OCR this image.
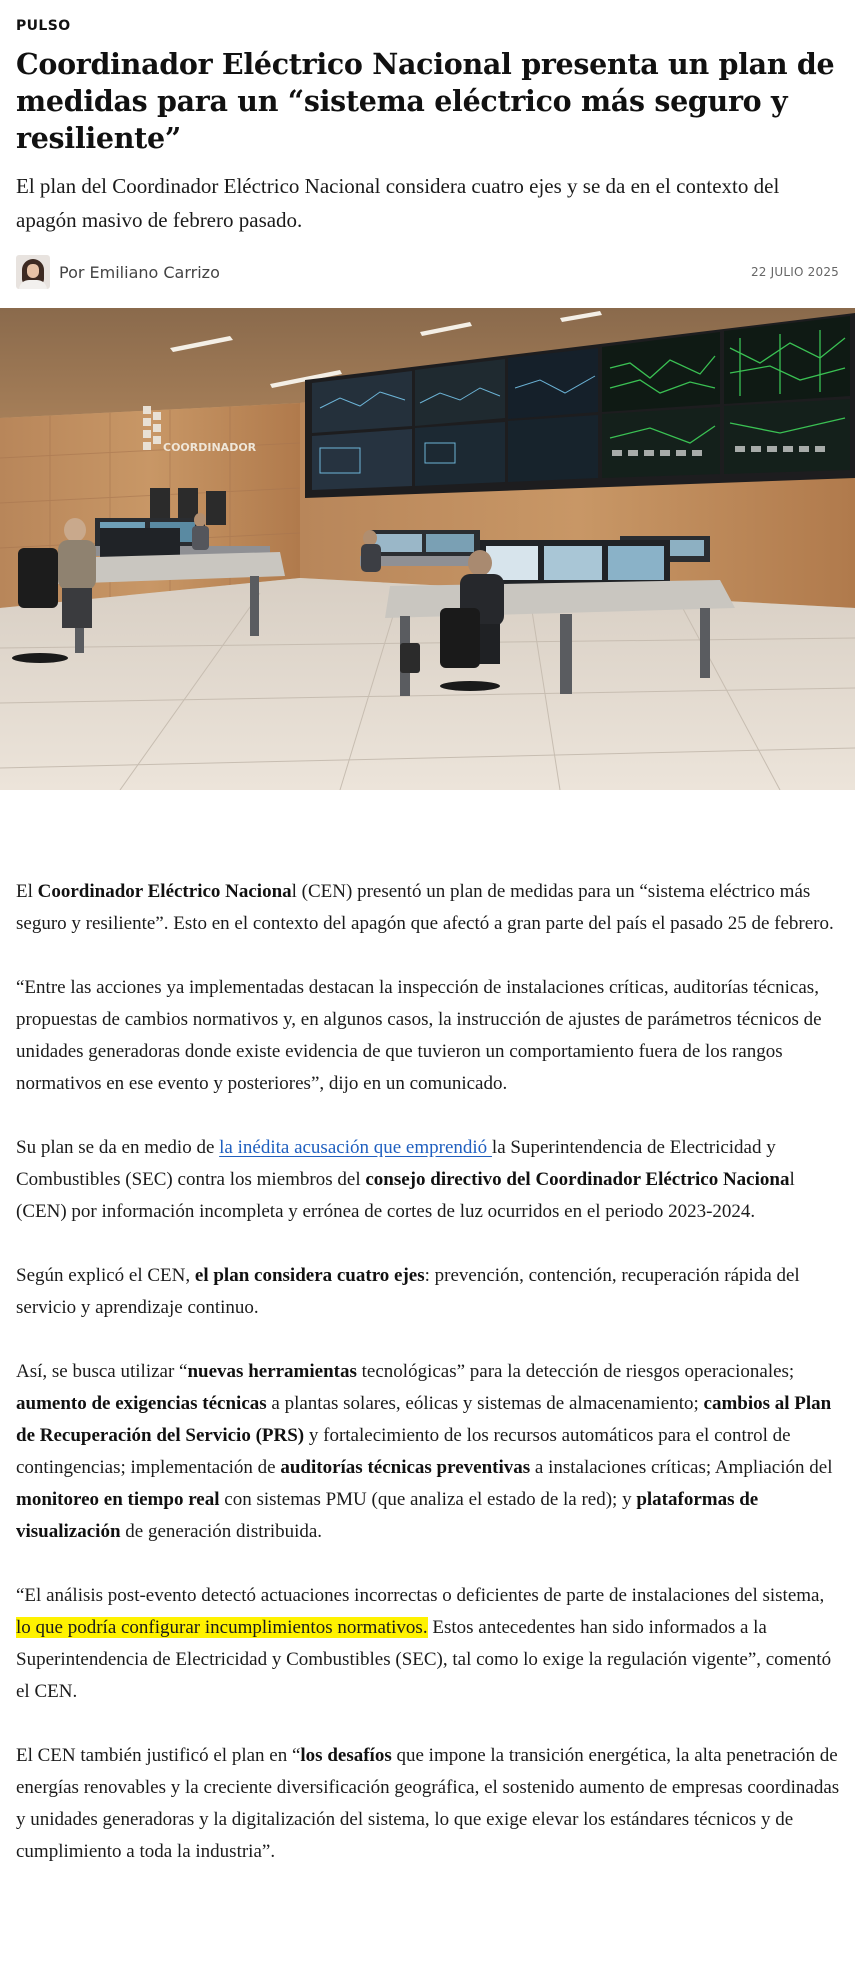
PULSO
Coordinador Eléctrico Nacional presenta un plan de medidas para un “sistema eléctrico más seguro y resiliente”

El plan del Coordinador Eléctrico Nacional considera cuatro ejes y se da en el contexto del apagón masivo de febrero pasado.

Por Emiliano Carrizo	22 JULIO 2025
COORDINADOR

El Coordinador Eléctrico Nacional (CEN) presentó un plan de medidas para un “sistema eléctrico más seguro y resiliente”. Esto en el contexto del apagón que afectó a gran parte del país el pasado 25 de febrero.

“Entre las acciones ya implementadas destacan la inspección de instalaciones críticas, auditorías técnicas, propuestas de cambios normativos y, en algunos casos, la instrucción de ajustes de parámetros técnicos de unidades generadoras donde existe evidencia de que tuvieron un comportamiento fuera de los rangos normativos en ese evento y posteriores”, dijo en un comunicado.

Su plan se da en medio de la inédita acusación que emprendió la Superintendencia de Electricidad y Combustibles (SEC) contra los miembros del consejo directivo del Coordinador Eléctrico Nacional (CEN) por información incompleta y errónea de cortes de luz ocurridos en el periodo 2023-2024.

Según explicó el CEN, el plan considera cuatro ejes: prevención, contención, recuperación rápida del servicio y aprendizaje continuo.

Así, se busca utilizar “nuevas herramientas tecnológicas” para la detección de riesgos operacionales; aumento de exigencias técnicas a plantas solares, eólicas y sistemas de almacenamiento; cambios al Plan de Recuperación del Servicio (PRS) y fortalecimiento de los recursos automáticos para el control de contingencias; implementación de auditorías técnicas preventivas a instalaciones críticas; Ampliación del monitoreo en tiempo real con sistemas PMU (que analiza el estado de la red); y plataformas de visualización de generación distribuida.

“El análisis post-evento detectó actuaciones incorrectas o deficientes de parte de instalaciones del sistema, lo que podría configurar incumplimientos normativos. Estos antecedentes han sido informados a la Superintendencia de Electricidad y Combustibles (SEC), tal como lo exige la regulación vigente”, comentó el CEN.

El CEN también justificó el plan en “los desafíos que impone la transición energética, la alta penetración de energías renovables y la creciente diversificación geográfica, el sostenido aumento de empresas coordinadas y unidades generadoras y la digitalización del sistema, lo que exige elevar los estándares técnicos y de cumplimiento a toda la industria”.
